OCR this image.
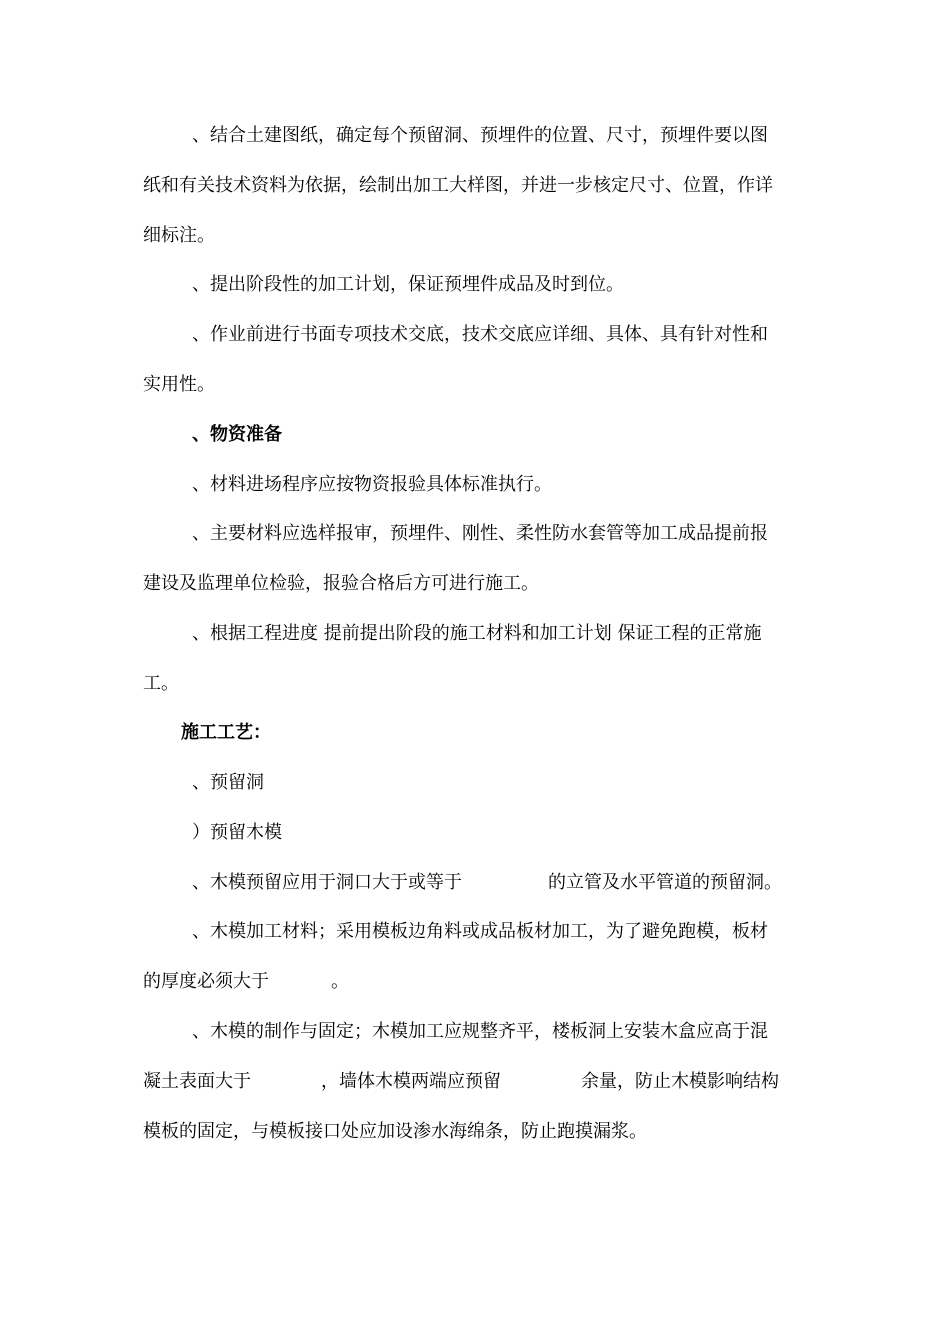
、结合土建图纸，确定每个预留洞、预埋件的位置、尺寸，预埋件要以图

纸和有关技术资料为依据，绘制出加工大样图，并进一步核定尺寸、位置，作详

细标注。

、提出阶段性的加工计划，保证预埋件成品及时到位。

、作业前进行书面专项技术交底，技术交底应详细、具体、具有针对性和

实用性。

、物资准备

、材料进场程序应按物资报验具体标准执行。

、主要材料应选样报审，预埋件、刚性、柔性防水套管等加工成品提前报

建设及监理单位检验，报验合格后方可进行施工。

、根据工程进度 提前提出阶段的施工材料和加工计划 保证工程的正常施

工。

施工工艺：

、预留洞

）预留木模

、木模预留应用于洞口大于或等于	的立管及水平管道的预留洞。

、木模加工材料；采用模板边角料或成品板材加工，为了避免跑模，板材

的厚度必须大于	。

、木模的制作与固定；木模加工应规整齐平，楼板洞上安装木盒应高于混

凝土表面大于	，墙体木模两端应预留	余量，防止木模影响结构

模板的固定，与模板接口处应加设渗水海绵条，防止跑摸漏浆。
